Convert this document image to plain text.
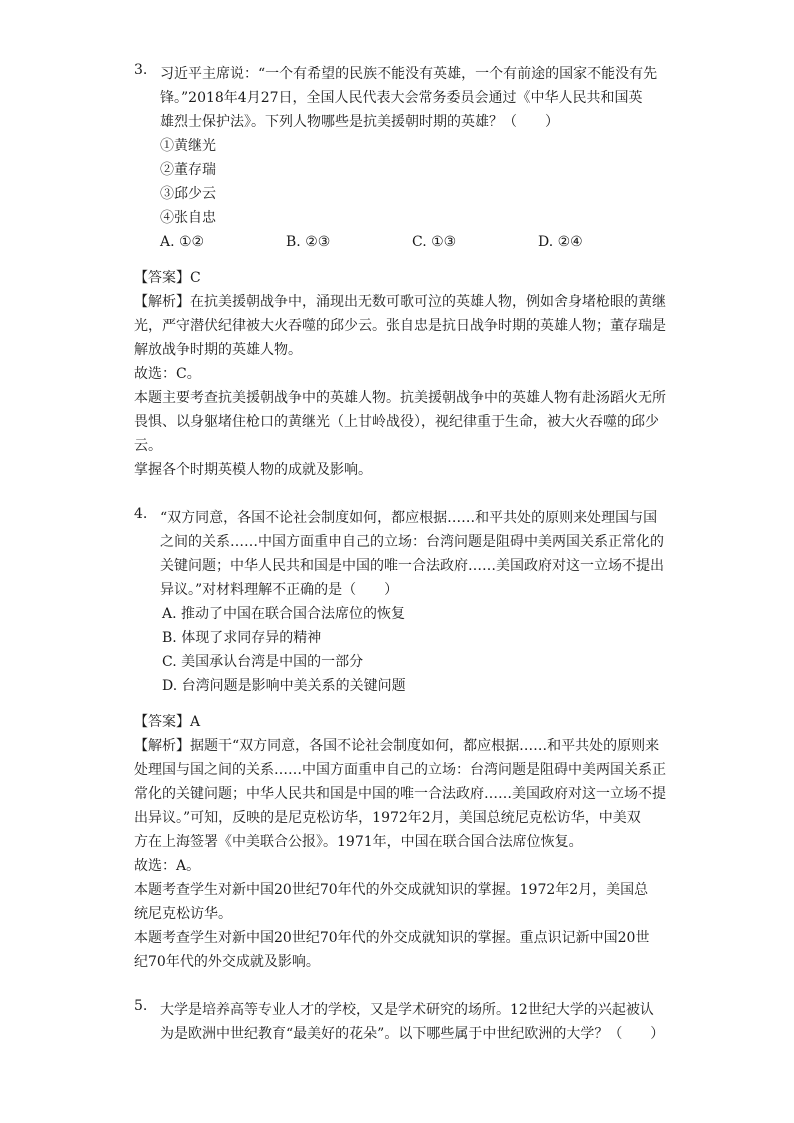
3. 习近平主席说：“一个有希望的民族不能没有英雄，一个有前途的国家不能没有先
锋。”2018年4月27日，全国人民代表大会常务委员会通过《中华人民共和国英
雄烈士保护法》。下列人物哪些是抗美援朝时期的英雄？（　　）
①黄继光
②董存瑞
③邱少云
④张自忠
A. ①②	B. ②③	C. ①③	D. ②④
【答案】C
【解析】在抗美援朝战争中，涌现出无数可歌可泣的英雄人物，例如舍身堵枪眼的黄继
光，严守潜伏纪律被大火吞噬的邱少云。张自忠是抗日战争时期的英雄人物；董存瑞是
解放战争时期的英雄人物。
故选：C。
本题主要考查抗美援朝战争中的英雄人物。抗美援朝战争中的英雄人物有赴汤蹈火无所
畏惧、以身躯堵住枪口的黄继光（上甘岭战役），视纪律重于生命，被大火吞噬的邱少
云。
掌握各个时期英模人物的成就及影响。
4. “双方同意，各国不论社会制度如何，都应根据……和平共处的原则来处理国与国
之间的关系……中国方面重申自己的立场：台湾问题是阻碍中美两国关系正常化的
关键问题；中华人民共和国是中国的唯一合法政府……美国政府对这一立场不提出
异议。”对材料理解不正确的是（　　）
A. 推动了中国在联合国合法席位的恢复
B. 体现了求同存异的精神
C. 美国承认台湾是中国的一部分
D. 台湾问题是影响中美关系的关键问题
【答案】A
【解析】据题干“双方同意，各国不论社会制度如何，都应根据……和平共处的原则来
处理国与国之间的关系……中国方面重申自己的立场：台湾问题是阻碍中美两国关系正
常化的关键问题；中华人民共和国是中国的唯一合法政府……美国政府对这一立场不提
出异议。”可知，反映的是尼克松访华，1972年2月，美国总统尼克松访华，中美双
方在上海签署《中美联合公报》。1971年，中国在联合国合法席位恢复。
故选：A。
本题考查学生对新中国20世纪70年代的外交成就知识的掌握。1972年2月，美国总
统尼克松访华。
本题考查学生对新中国20世纪70年代的外交成就知识的掌握。重点识记新中国20世
纪70年代的外交成就及影响。
5. 大学是培养高等专业人才的学校，又是学术研究的场所。12世纪大学的兴起被认
为是欧洲中世纪教育“最美好的花朵”。以下哪些属于中世纪欧洲的大学？（　　）
